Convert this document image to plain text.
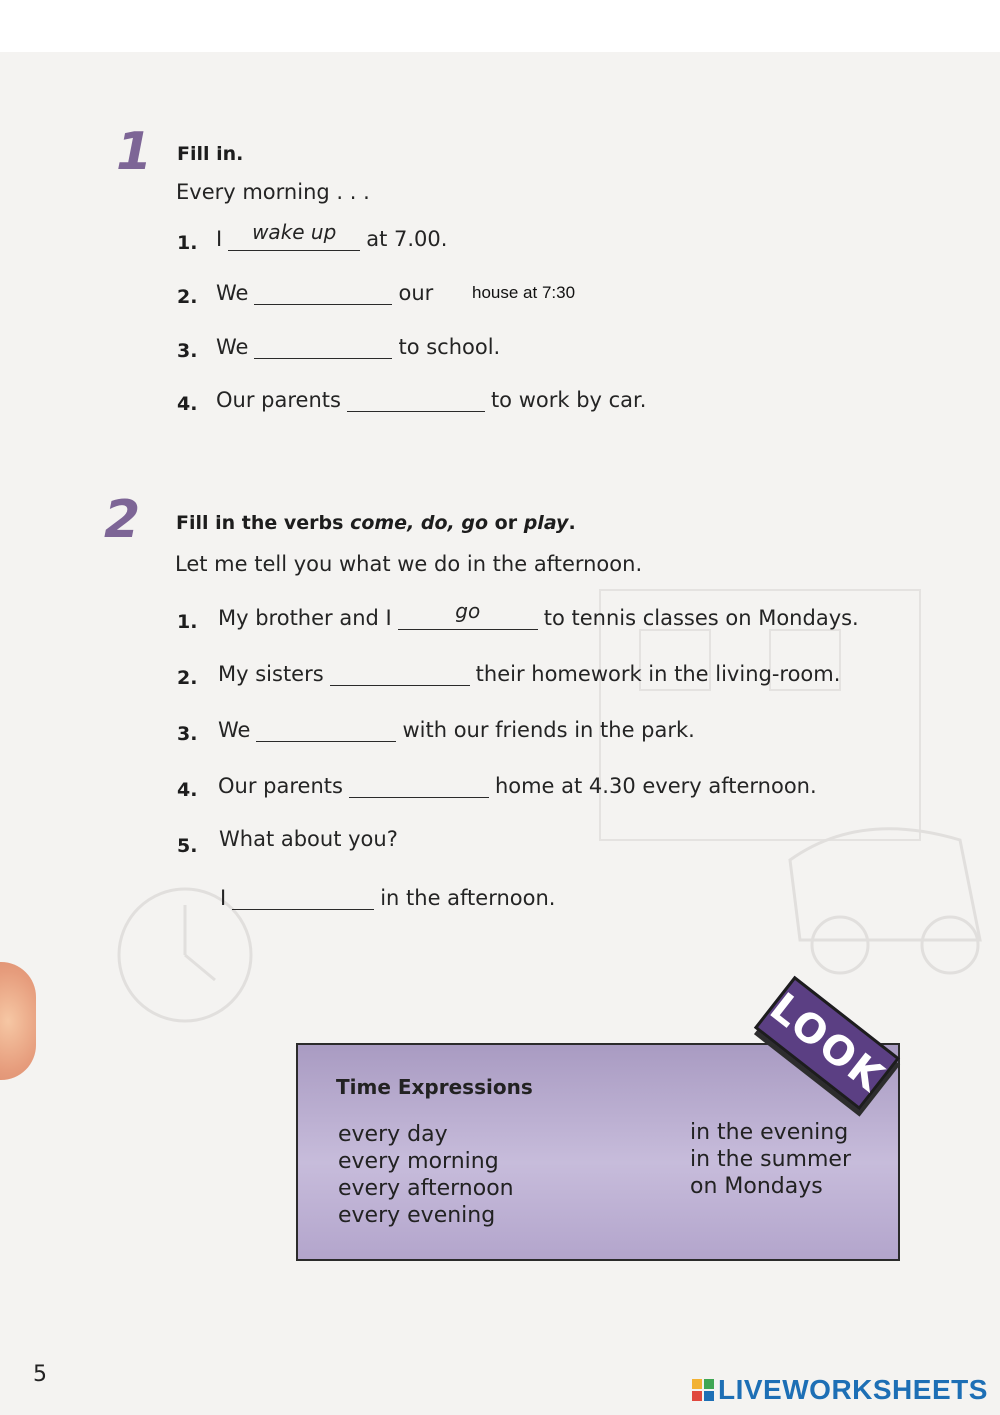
1 Fill in.
Every morning . . .
1. I	wake up	at 7.00.
2. We	our house at 7:30
3. We	to school.
4. Our parents	to work by car.
2 Fill in the verbs come, do, go or play.
Let me tell you what we do in the afternoon.
1. My brother and I	go	to tennis classes on Mondays.
2. My sisters	their homework in the living-room.
3. We	with our friends in the park.
4. Our parents	home at 4.30 every afternoon.
5. What about you?
I	in the afternoon.
Time Expressions
every day
every morning
every afternoon
every evening
in the evening
in the summer
on Mondays
LOOK
5	LIVEWORKSHEETS
